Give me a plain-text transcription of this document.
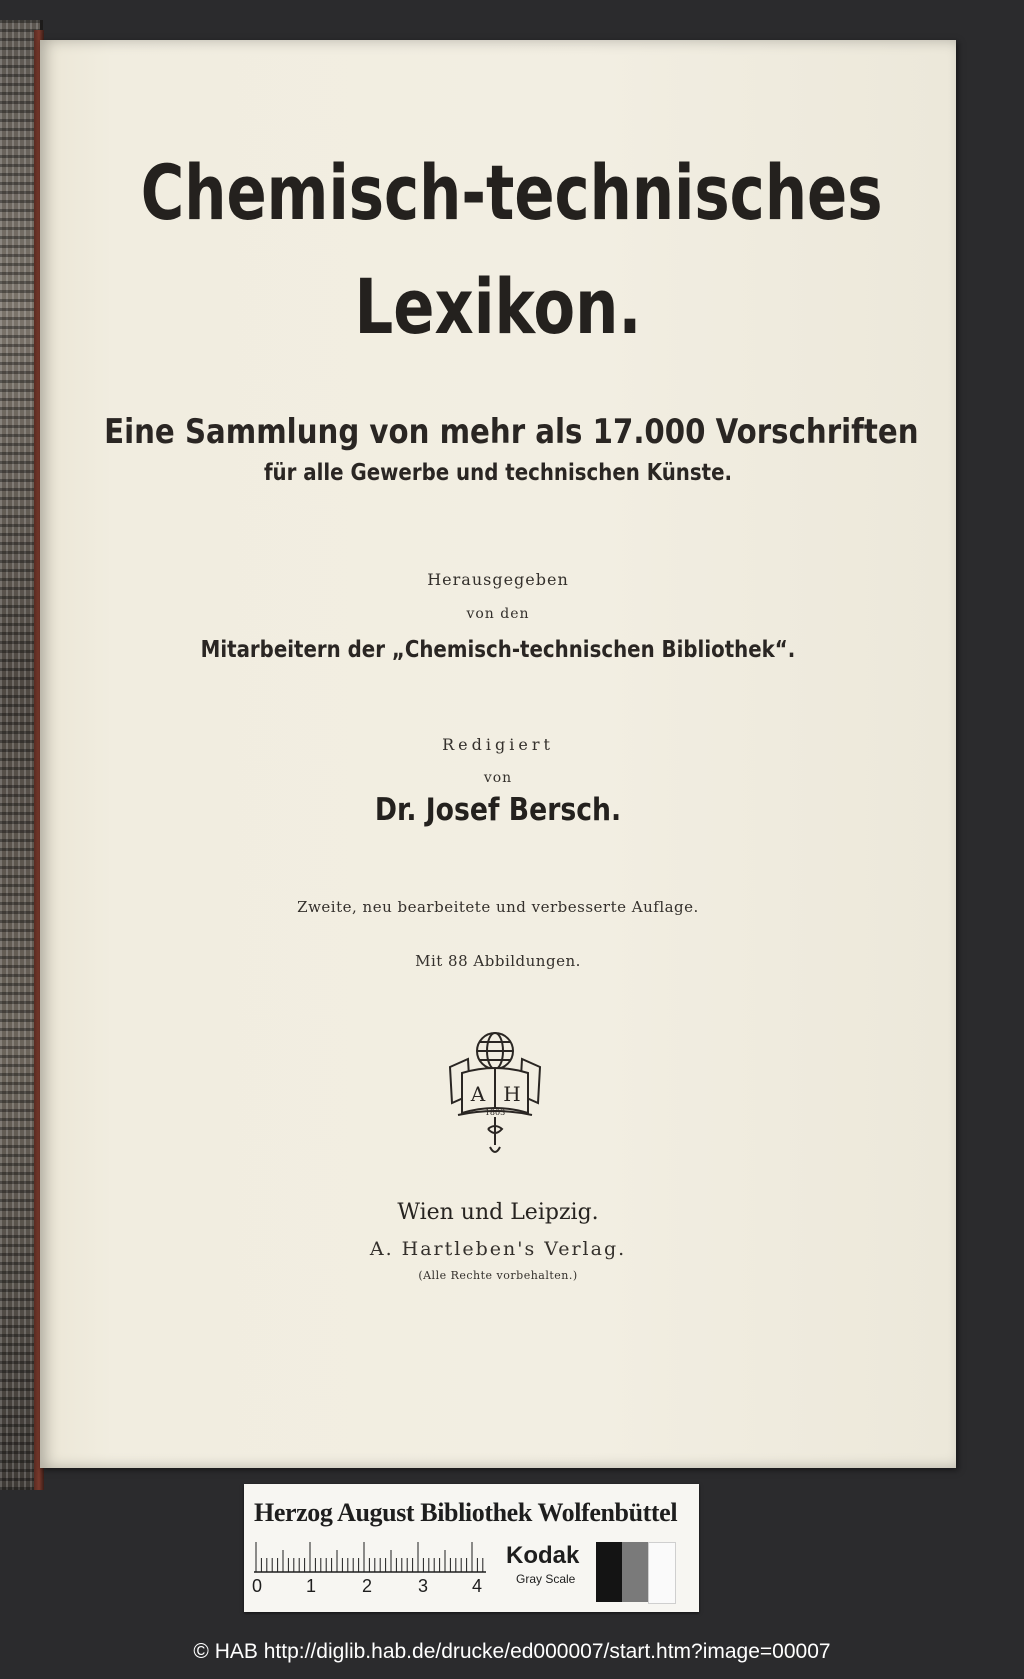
Chemisch-technisches
Lexikon.
Eine Sammlung von mehr als 17.000 Vorschriften
für alle Gewerbe und technischen Künste.
Herausgegeben
von den
Mitarbeitern der „Chemisch-technischen Bibliothek“.
Redigiert
von
Dr. Josef Bersch.
Zweite, neu bearbeitete und verbesserte Auflage.
Mit 88 Abbildungen.
A H
1803
Wien und Leipzig.
A. Hartleben's Verlag.
(Alle Rechte vorbehalten.)
Herzog August Bibliothek Wolfenbüttel
0 1	2	3 4
Kodak
Gray Scale
© HAB http://diglib.hab.de/drucke/ed000007/start.htm?image=00007
